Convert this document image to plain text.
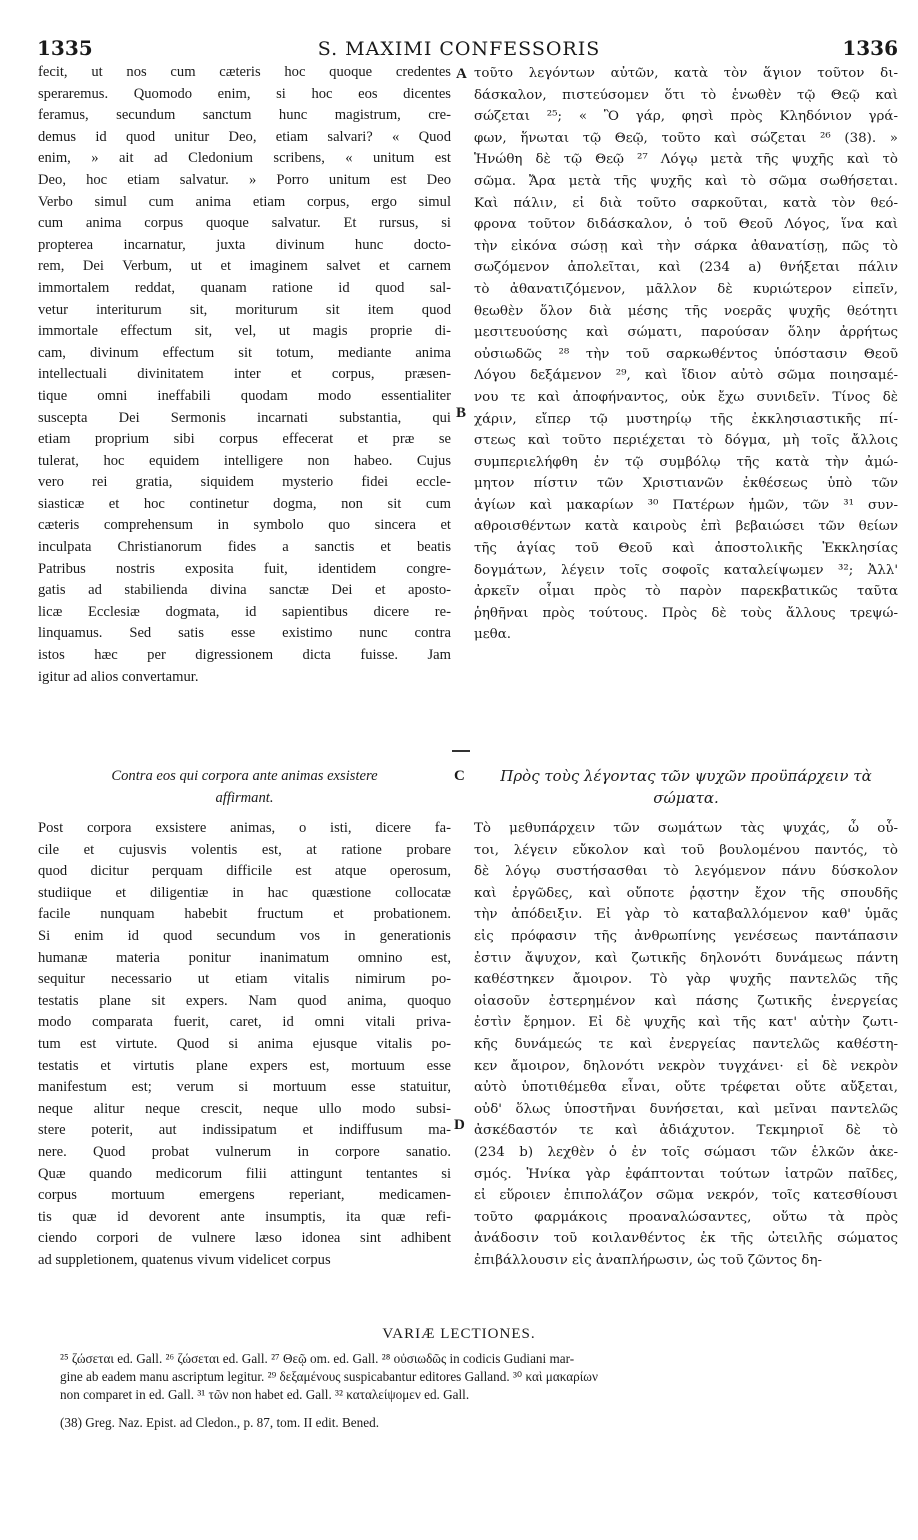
1335	S. MAXIMI CONFESSORIS	1336
A
B
C
D
fecit, ut nos cum cæteris hoc quoque credentes
speraremus. Quomodo enim, si hoc eos dicentes
feramus, secundum sanctum hunc magistrum, cre-
demus id quod unitur Deo, etiam salvari? « Quod
enim, » ait ad Cledonium scribens, « unitum est
Deo, hoc etiam salvatur. » Porro unitum est Deo
Verbo simul cum anima etiam corpus, ergo simul
cum anima corpus quoque salvatur. Et rursus, si
propterea incarnatur, juxta divinum hunc docto-
rem, Dei Verbum, ut et imaginem salvet et carnem
immortalem reddat, quanam ratione id quod sal-
vetur interiturum sit, moriturum sit item quod
immortale effectum sit, vel, ut magis proprie di-
cam, divinum effectum sit totum, mediante anima
intellectuali divinitatem inter et corpus, præsen-
tique omni ineffabili quodam modo essentialiter
suscepta Dei Sermonis incarnati substantia, qui
etiam proprium sibi corpus effecerat et præ se
tulerat, hoc equidem intelligere non habeo. Cujus
vero rei gratia, siquidem mysterio fidei eccle-
siasticæ et hoc continetur dogma, non sit cum
cæteris comprehensum in symbolo quo sincera et
inculpata Christianorum fides a sanctis et beatis
Patribus nostris exposita fuit, identidem congre-
gatis ad stabilienda divina sanctæ Dei et aposto-
licæ Ecclesiæ dogmata, id sapientibus dicere re-
linquamus. Sed satis esse existimo nunc contra
istos hæc per digressionem dicta fuisse. Jam
igitur ad alios convertamur.
Contra eos qui corpora ante animas exsistere
affirmant.
Post corpora exsistere animas, o isti, dicere fa-
cile et cujusvis volentis est, at ratione probare
quod dicitur perquam difficile est atque operosum,
studiique et diligentiæ in hac quæstione collocatæ
facile nunquam habebit fructum et probationem.
Si enim id quod secundum vos in generationis
humanæ materia ponitur inanimatum omnino est,
sequitur necessario ut etiam vitalis nimirum po-
testatis plane sit expers. Nam quod anima, quoquo
modo comparata fuerit, caret, id omni vitali priva-
tum est virtute. Quod si anima ejusque vitalis po-
testatis et virtutis plane expers est, mortuum esse
manifestum est; verum si mortuum esse statuitur,
neque alitur neque crescit, neque ullo modo subsi-
stere poterit, aut indissipatum et indiffusum ma-
nere. Quod probat vulnerum in corpore sanatio.
Quæ quando medicorum filii attingunt tentantes si
corpus mortuum emergens reperiant, medicamen-
tis quæ id devorent ante insumptis, ita quæ refi-
ciendo corpori de vulnere læso idonea sint adhibent
ad suppletionem, quatenus vivum videlicet corpus
τοῦτο λεγόντων αὐτῶν, κατὰ τὸν ἅγιον τοῦτον δι-
δάσκαλον, πιστεύσομεν ὅτι τὸ ἑνωθὲν τῷ Θεῷ καὶ
σώζεται ²⁵; « Ὃ γάρ, φησὶ πρὸς Κληδόνιον γρά-
φων, ἥνωται τῷ Θεῷ, τοῦτο καὶ σώζεται ²⁶ (38). »
Ἡνώθη δὲ τῷ Θεῷ ²⁷ Λόγῳ μετὰ τῆς ψυχῆς καὶ τὸ
σῶμα. Ἄρα μετὰ τῆς ψυχῆς καὶ τὸ σῶμα σωθήσεται.
Καὶ πάλιν, εἰ διὰ τοῦτο σαρκοῦται, κατὰ τὸν θεό-
φρονα τοῦτον διδάσκαλον, ὁ τοῦ Θεοῦ Λόγος, ἵνα καὶ
τὴν εἰκόνα σώσῃ καὶ τὴν σάρκα ἀθανατίσῃ, πῶς τὸ
σωζόμενον ἀπολεῖται, καὶ (234 a) θνήξεται πάλιν
τὸ ἀθανατιζόμενον, μᾶλλον δὲ κυριώτερον εἰπεῖν,
θεωθὲν ὅλον διὰ μέσης τῆς νοερᾶς ψυχῆς θεότητι
μεσιτευούσης καὶ σώματι, παρούσαν ὅλην ἀρρήτως
οὐσιωδῶς ²⁸ τὴν τοῦ σαρκωθέντος ὑπόστασιν Θεοῦ
Λόγου δεξάμενον ²⁹, καὶ ἴδιον αὐτὸ σῶμα ποιησαμέ-
νου τε καὶ ἀποφήναντος, οὐκ ἔχω συνιδεῖν. Τίνος δὲ
χάριν, εἴπερ τῷ μυστηρίῳ τῆς ἐκκλησιαστικῆς πί-
στεως καὶ τοῦτο περιέχεται τὸ δόγμα, μὴ τοῖς ἄλλοις
συμπεριελήφθη ἐν τῷ συμβόλῳ τῆς κατὰ τὴν ἀμώ-
μητον πίστιν τῶν Χριστιανῶν ἐκθέσεως ὑπὸ τῶν
ἁγίων καὶ μακαρίων ³⁰ Πατέρων ἡμῶν, τῶν ³¹ συν-
αθροισθέντων κατὰ καιροὺς ἐπὶ βεβαιώσει τῶν θείων
τῆς ἁγίας τοῦ Θεοῦ καὶ ἀποστολικῆς Ἐκκλησίας
δογμάτων, λέγειν τοῖς σοφοῖς καταλείψωμεν ³²; Ἀλλ'
ἀρκεῖν οἶμαι πρὸς τὸ παρὸν παρεκβατικῶς ταῦτα
ῥηθῆναι πρὸς τούτους. Πρὸς δὲ τοὺς ἄλλους τρεψώ-
μεθα.
Πρὸς τοὺς λέγοντας τῶν ψυχῶν προϋπάρχειν τὰ
σώματα.
Τὸ μεθυπάρχειν τῶν σωμάτων τὰς ψυχάς, ὦ οὗ-
τοι, λέγειν εὔκολον καὶ τοῦ βουλομένου παντός, τὸ
δὲ λόγῳ συστήσασθαι τὸ λεγόμενον πάνυ δύσκολον
καὶ ἐργῶδες, καὶ οὔποτε ῥᾳστην ἔχον τῆς σπουδῆς
τὴν ἀπόδειξιν. Εἰ γὰρ τὸ καταβαλλόμενον καθ' ὑμᾶς
εἰς πρόφασιν τῆς ἀνθρωπίνης γενέσεως παντάπασιν
ἐστιν ἄψυχον, καὶ ζωτικῆς δηλονότι δυνάμεως πάντη
καθέστηκεν ἄμοιρον. Τὸ γὰρ ψυχῆς παντελῶς τῆς
οἱασοῦν ἐστερημένον καὶ πάσης ζωτικῆς ἐνεργείας
ἐστὶν ἔρημον. Εἰ δὲ ψυχῆς καὶ τῆς κατ' αὐτὴν ζωτι-
κῆς δυνάμεώς τε καὶ ἐνεργείας παντελῶς καθέστη-
κεν ἄμοιρον, δηλονότι νεκρὸν τυγχάνει· εἰ δὲ νεκρὸν
αὐτὸ ὑποτιθέμεθα εἶναι, οὔτε τρέφεται οὔτε αὔξεται,
οὐδ' ὅλως ὑποστῆναι δυνήσεται, καὶ μεῖναι παντελῶς
ἀσκέδαστόν τε καὶ ἀδιάχυτον. Τεκμηριοῖ δὲ τὸ
(234 b) λεχθὲν ὁ ἐν τοῖς σώμασι τῶν ἑλκῶν ἀκε-
σμός. Ἡνίκα γὰρ ἐφάπτονται τούτων ἰατρῶν παῖδες,
εἰ εὕροιεν ἐπιπολάζον σῶμα νεκρόν, τοῖς κατεσθίουσι
τοῦτο φαρμάκοις προαναλώσαντες, οὕτω τὰ πρὸς
ἀνάδοσιν τοῦ κοιλανθέντος ἐκ τῆς ὠτειλῆς σώματος
ἐπιβάλλουσιν εἰς ἀναπλήρωσιν, ὡς τοῦ ζῶντος δη-
VARIÆ LECTIONES.
²⁵ ζώσεται ed. Gall. ²⁶ ζώσεται ed. Gall. ²⁷ Θεῷ om. ed. Gall. ²⁸ οὐσιωδῶς in codicis Gudiani mar-
gine ab eadem manu ascriptum legitur. ²⁹ δεξαμένους suspicabantur editores Galland. ³⁰ καὶ μακαρίων
non comparet in ed. Gall. ³¹ τῶν non habet ed. Gall. ³² καταλείψομεν ed. Gall.
(38) Greg. Naz. Epist. ad Cledon., p. 87, tom. II edit. Bened.
